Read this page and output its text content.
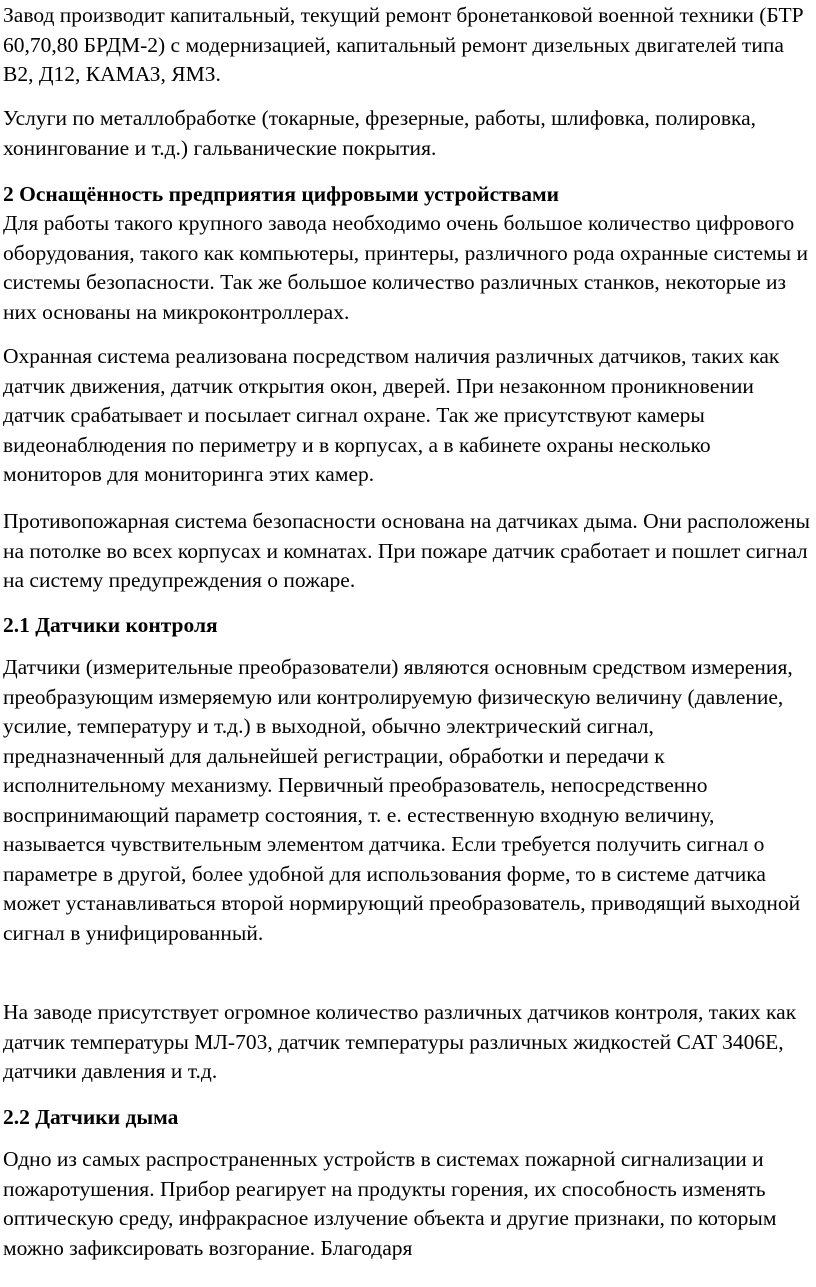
Завод производит капитальный, текущий ремонт бронетанковой военной техники (БТР 60,70,80 БРДМ-2) с модернизацией, капитальный ремонт дизельных двигателей типа В2, Д12, КАМАЗ, ЯМЗ.

Услуги по металлобработке (токарные, фрезерные, работы, шлифовка, полировка, хонингование и т.д.) гальванические покрытия.

2 Оснащённость предприятия цифровыми устройствами

Для работы такого крупного завода необходимо очень большое количество цифрового оборудования, такого как компьютеры, принтеры, различного рода охранные системы и системы безопасности. Так же большое количество различных станков, некоторые из них основаны на микроконтроллерах.

Охранная система реализована посредством наличия различных датчиков, таких как датчик движения, датчик открытия окон, дверей. При незаконном проникновении датчик срабатывает и посылает сигнал охране. Так же присутствуют камеры видеонаблюдения по периметру и в корпусах, а в кабинете охраны несколько мониторов для мониторинга этих камер.

Противопожарная система безопасности основана на датчиках дыма. Они расположены на потолке во всех корпусах и комнатах. При пожаре датчик сработает и пошлет сигнал на систему предупреждения о пожаре.

2.1 Датчики контроля

Датчики (измерительные преобразователи) являются основным средством измерения, преобразующим измеряемую или контролируемую физическую величину (давление, усилие, температуру и т.д.) в выходной, обычно электрический сигнал, предназначенный для дальнейшей регистрации, обработки и передачи к исполнительному механизму. Первичный преобразователь, непосредственно воспринимающий параметр состояния, т. е. естественную входную величину, называется чувствительным элементом датчика. Если требуется получить сигнал о параметре в другой, более удобной для использования форме, то в системе датчика может устанавливаться второй нормирующий преобразователь, приводящий выходной сигнал в унифицированный.

На заводе присутствует огромное количество различных датчиков контроля, таких как датчик температуры МЛ-703, датчик температуры различных жидкостей CAT 3406E, датчики давления и т.д.

2.2 Датчики дыма

Одно из самых распространенных устройств в системах пожарной сигнализации и пожаротушения. Прибор реагирует на продукты горения, их способность изменять оптическую среду, инфракрасное излучение объекта и другие признаки, по которым можно зафиксировать возгорание. Благодаря
